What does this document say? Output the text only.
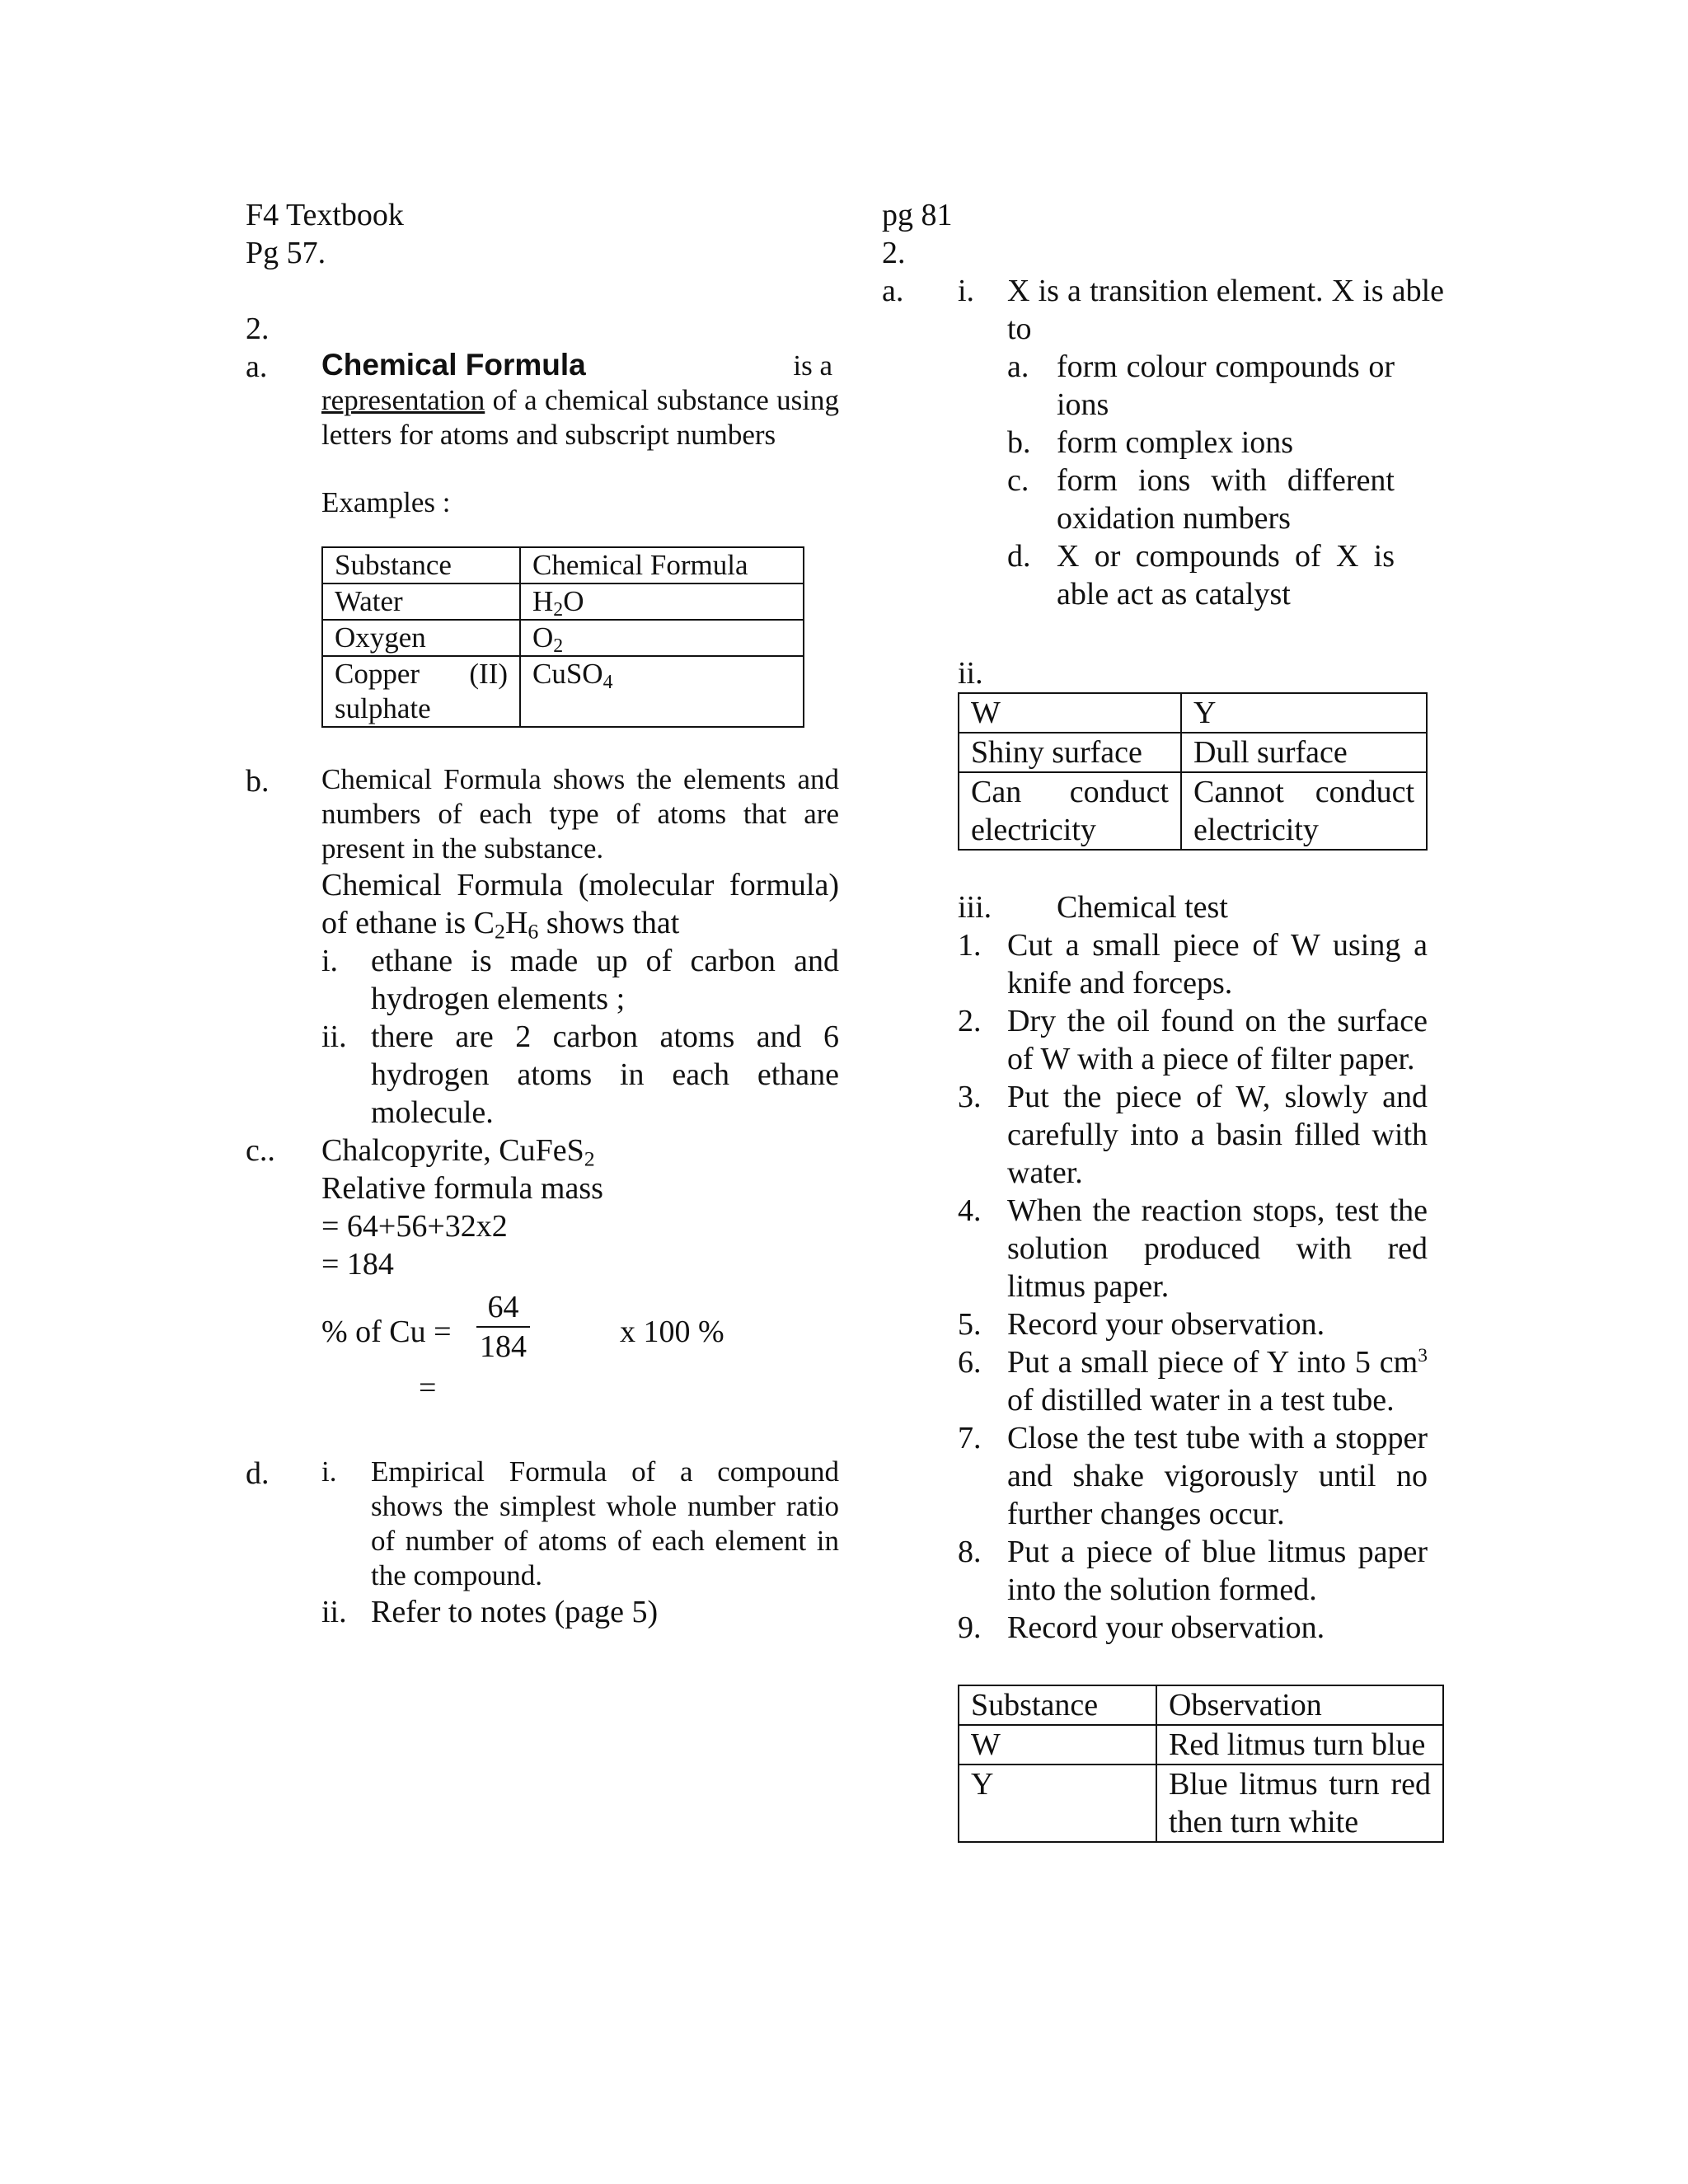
F4 Textbook
Pg 57.
2.
a. Chemical Formula	is a representation of a chemical substance using letters for atoms and subscript numbers
Examples :
Substance	Chemical Formula
Water	$H_2O$
Oxygen	$O_2$
Copper (II) sulphate	CuSO$_4$
b. Chemical Formula shows the elements and numbers of each type of atoms that are present in the substance.
Chemical Formula (molecular formula) of ethane is $C_2H_6$ shows that
i. ethane is made up of carbon and hydrogen elements ;
ii. there are 2 carbon atoms and 6 hydrogen atoms in each ethane molecule.
c.. Chalcopyrite, CuFeS$_2$
Relative formula mass
= 64+56+32x2
= 184
% of $Cu = \frac{64}{184}$	x 100 %
=
d. i. Empirical Formula of a compound shows the simplest whole number ratio of number of atoms of each element in the compound.
ii. Refer to notes (page 5)
pg 81
2.
a. i. X is a transition element. X is able to
a. form colour compounds or ions
b. form complex ions
c. form ions with different oxidation numbers
d. X or compounds of X is able act as catalyst
ii.
W	Y
Shiny surface	Dull surface
Can conduct electricity	Cannot conduct electricity
iii. Chemical test
1. Cut a small piece of W using a knife and forceps.
2. Dry the oil found on the surface of W with a piece of filter paper.
3. Put the piece of W, slowly and carefully into a basin filled with water.
4. When the reaction stops, test the solution produced with red litmus paper.
5. Record your observation.
6. Put a small piece of Y into 5 $cm^3$ of distilled water in a test tube.
7. Close the test tube with a stopper and shake vigorously until no further changes occur.
8. Put a piece of blue litmus paper into the solution formed.
9. Record your observation.
Substance	Observation
W	Red litmus turn blue
Y	Blue litmus turn red then turn white
